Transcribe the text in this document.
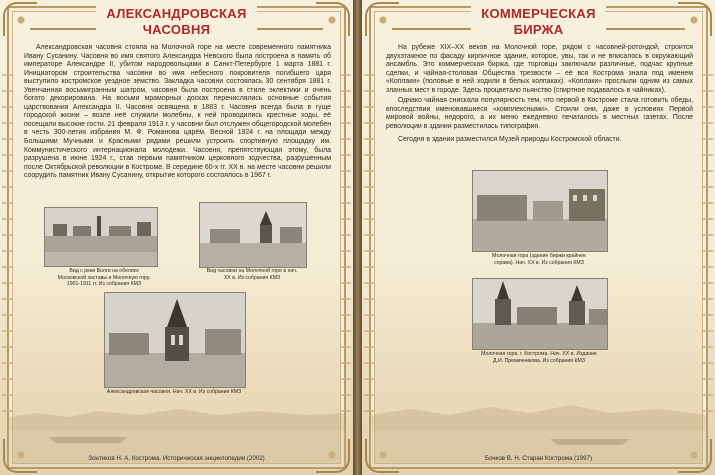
АЛЕКСАНДРОВСКАЯ
ЧАСОВНЯ

Александровская часовня стояла на Молочной горе на месте современного памятника Ивану Сусанину. Часовня во имя святого Александра Невского была построена в память об императоре Александре II, убитом народовольцами в Санкт-Петербурге 1 марта 1881 г. Инициатором строительства часовни во имя небесного покровителя погибшего царя выступило костромское уездное земство. Закладка часовни состоялась 30 сентября 1881 г. Увенчанная восьмигранным шатром, часовня была построена в стиле эклектики и очень богато декорирована. На восьми мраморных досках перечислялись основные события царствования Александра II. Часовня освящена в 1883 г. Часовня всегда была в гуще городской жизни – возле неё служили молебны, к ней проводились крестные ходы, её посещали высокие гости. 21 февраля 1913 г. у часовни был отслужен общегородской молебен в честь 300-летия избрания М. Ф. Романова царём. Весной 1924 г. на площади между Большими Мучными и Красными рядами решили устроить спортивную площадку им. Коммунистического интернационала молодежи. Часовня, препятствующая этому, была разрушена в июне 1924 г., став первым памятником церковного зодчества, разрушенным после Октябрьской революции в Костроме. В середине 60-х гг. XX в. на месте часовни решили соорудить памятник Ивану Сусанину, открытие которого состоялось в 1967 г.

Вид с реки Волги на обелиск Московской заставы и Молочную гору. 1901-1911 гг. Из собрания КМЗ

Вид часовни на Молочной горе в нач. XX в. Из собрания КМЗ

Александровская часовня. Нач. XX в. Из собрания КМЗ

Зонтиков Н. А. Кострома. Историческая энциклопедия (2002)

КОММЕРЧЕСКАЯ
БИРЖА

На рубеже XIX–XX веков на Молочной горе, рядом с часовней-ротондой, строится двухэтажное по фасаду кирпичное здание, которое, увы, так и не вписалось в окружающий ансамбль. Это коммерческая биржа, где торговцы заключали различные, подчас крупные сделки, и чайная-столовая Общества трезвости – её вся Кострома знала под именем «Коплаки» (половые в ней ходили в белых колпаках). «Коплаки» прослыли одним из самых злачных мест в городе. Здесь процветало пьянство (спиртное подавалось в чайниках).

Однако чайная снискала популярность тем, что первой в Костроме стала готовить обеды, впоследствии именовавшиеся «комплексными». Стоили они, даже в условиях Первой мировой войны, недорого, а их меню ежедневно печаталось в местных газетах. После революции в здании разместилась типография.

Сегодня в здании разместился Музей природы Костромской области.

Молочная гора (здание биржи крайнее справа). Нач. XX в. Из собрания КМЗ

Молочная гора. г. Кострома. Нач. XX в. Издание Д.И. Премичникова. Из собрания КМЗ

Бочков В. Н. Старая Кострома (1997)
